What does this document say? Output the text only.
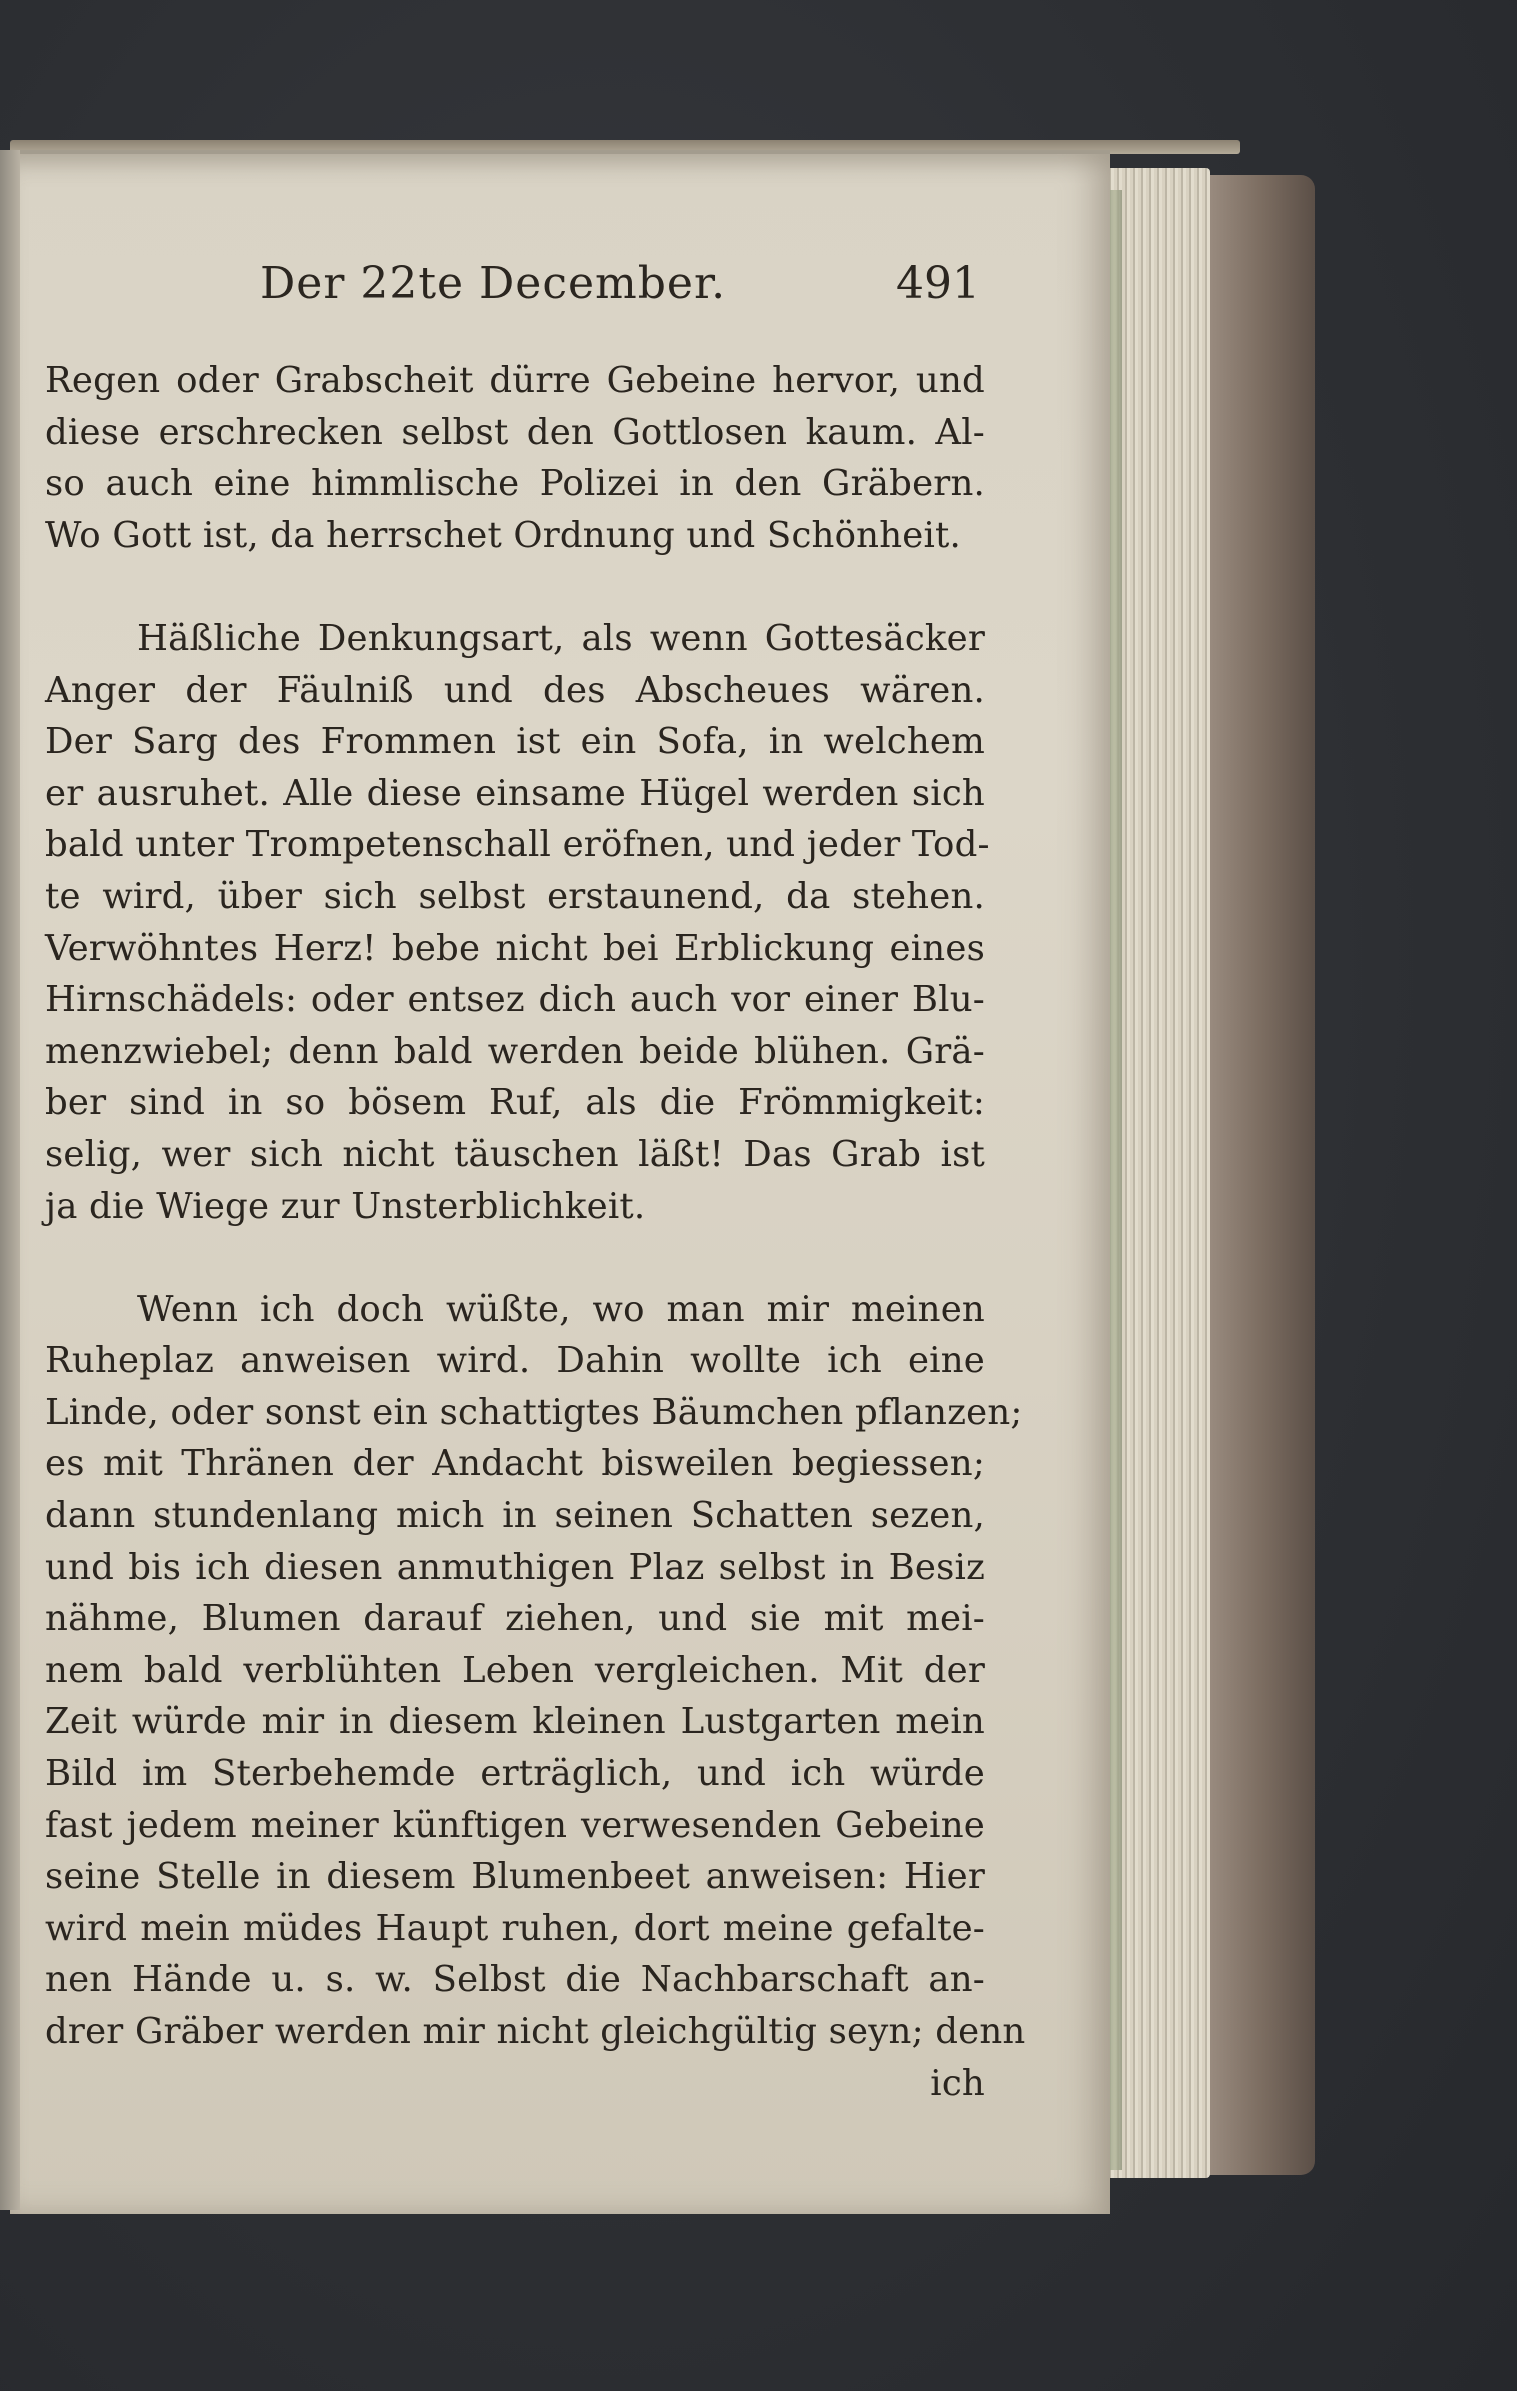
Der 22te December.	491
Regen oder Grabscheit dürre Gebeine hervor, und
diese erschrecken selbst den Gottlosen kaum. Al-
so auch eine himmlische Polizei in den Gräbern.
Wo Gott ist, da herrschet Ordnung und Schönheit.
Häßliche Denkungsart, als wenn Gottesäcker
Anger der Fäulniß und des Abscheues wären.
Der Sarg des Frommen ist ein Sofa, in welchem
er ausruhet. Alle diese einsame Hügel werden sich
bald unter Trompetenschall eröfnen, und jeder Tod-
te wird, über sich selbst erstaunend, da stehen.
Verwöhntes Herz! bebe nicht bei Erblickung eines
Hirnschädels: oder entsez dich auch vor einer Blu-
menzwiebel; denn bald werden beide blühen. Grä-
ber sind in so bösem Ruf, als die Frömmigkeit:
selig, wer sich nicht täuschen läßt! Das Grab ist
ja die Wiege zur Unsterblichkeit.
Wenn ich doch wüßte, wo man mir meinen
Ruheplaz anweisen wird. Dahin wollte ich eine
Linde, oder sonst ein schattigtes Bäumchen pflanzen;
es mit Thränen der Andacht bisweilen begiessen;
dann stundenlang mich in seinen Schatten sezen,
und bis ich diesen anmuthigen Plaz selbst in Besiz
nähme, Blumen darauf ziehen, und sie mit mei-
nem bald verblühten Leben vergleichen. Mit der
Zeit würde mir in diesem kleinen Lustgarten mein
Bild im Sterbehemde erträglich, und ich würde
fast jedem meiner künftigen verwesenden Gebeine
seine Stelle in diesem Blumenbeet anweisen: Hier
wird mein müdes Haupt ruhen, dort meine gefalte-
nen Hände u. s. w. Selbst die Nachbarschaft an-
drer Gräber werden mir nicht gleichgültig seyn; denn
ich
